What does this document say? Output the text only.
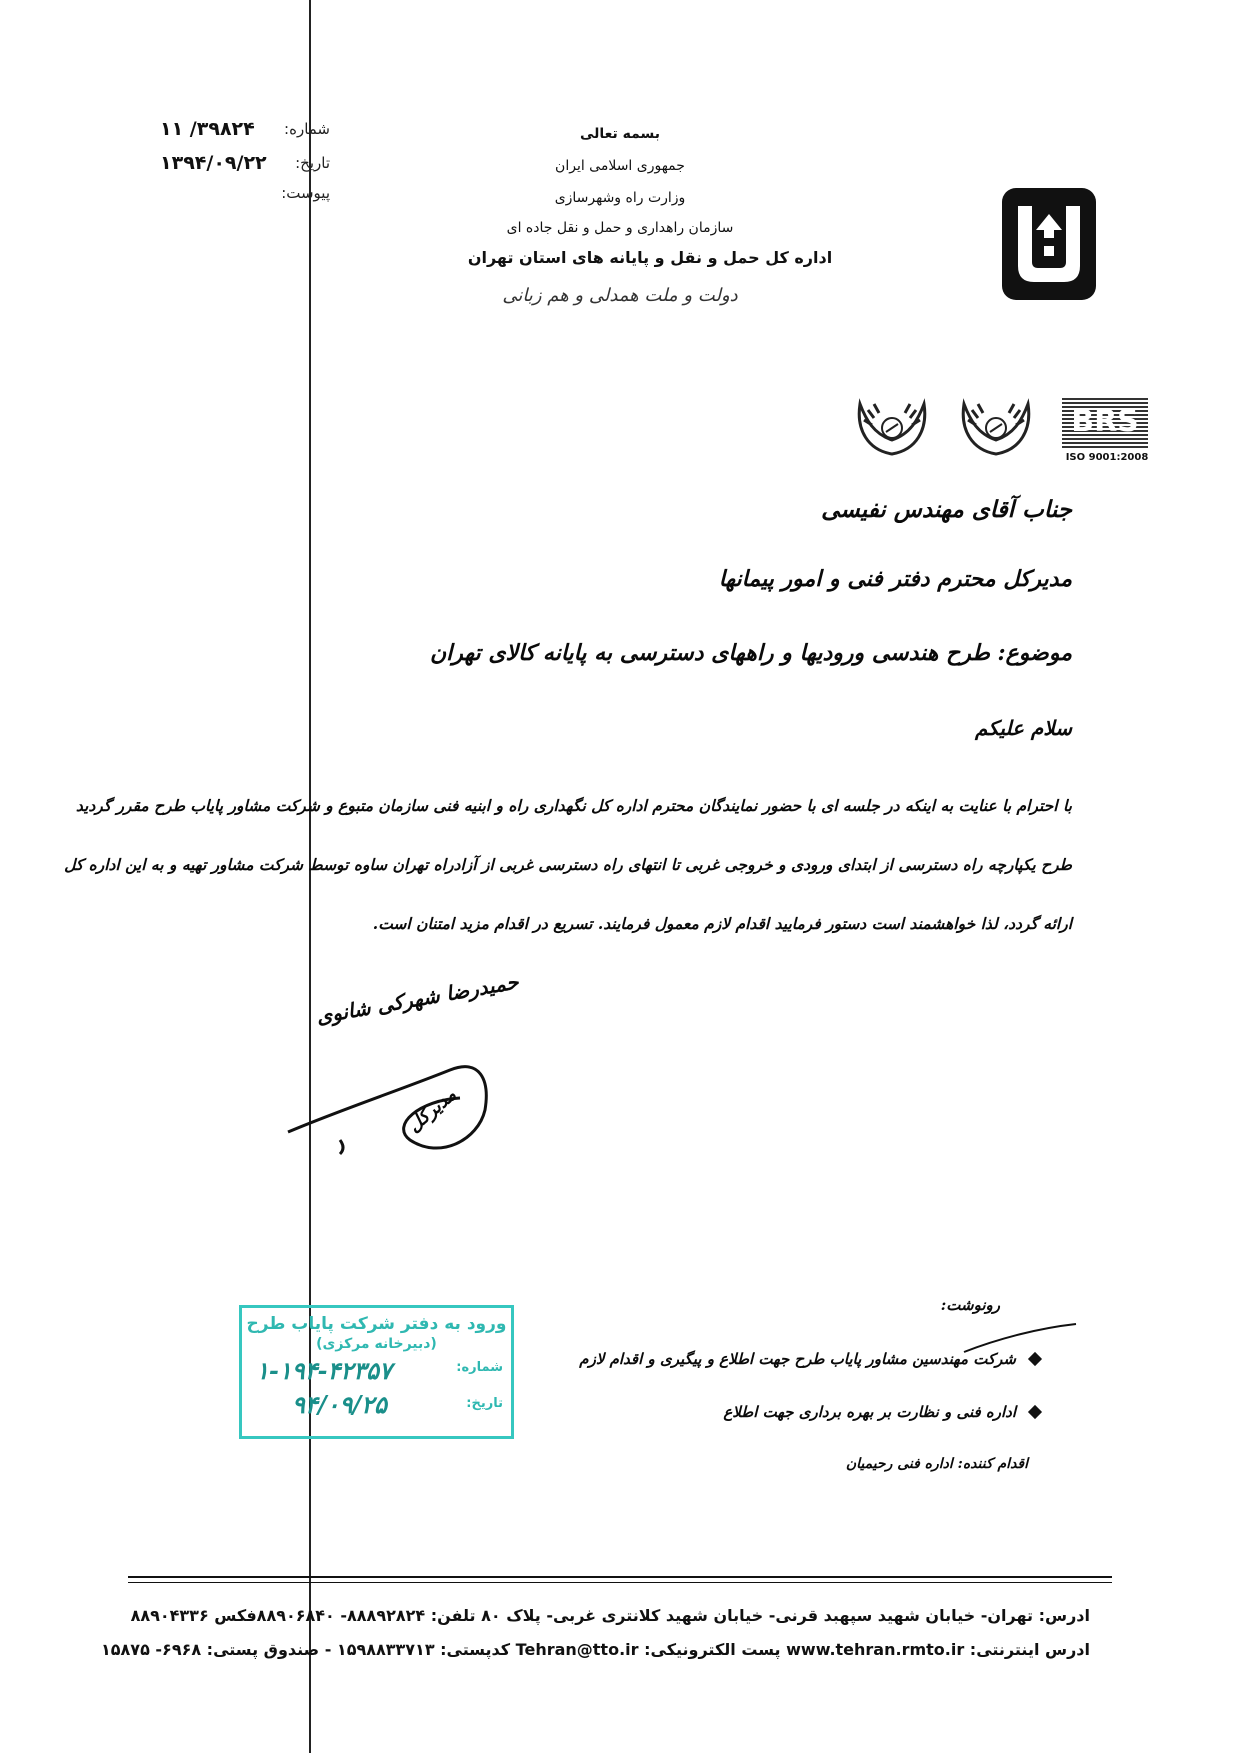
شماره:
۱۱ /۳۹۸۲۴
تاریخ:
۱۳۹۴/۰۹/۲۲
پیوست:
بسمه تعالی
جمهوری اسلامی ایران
وزارت راه وشهرسازی
سازمان راهداری و حمل و نقل جاده ای
اداره کل حمل و نقل و پایانه های استان تهران
دولت و ملت همدلی و هم زبانی
BRS
ISO 9001:2008
جناب آقای مهندس نفیسی
مدیرکل محترم دفتر فنی و امور پیمانها
موضوع: طرح هندسی ورودیها و راههای دسترسی به پایانه کالای تهران
سلام علیکم
با احترام با عنایت به اینکه در جلسه ای با حضور نمایندگان محترم اداره کل نگهداری راه و ابنیه فنی سازمان متبوع و شرکت مشاور پایاب طرح مقرر گردید
طرح یکپارچه راه دسترسی از ابتدای ورودی و خروجی غربی تا انتهای راه دسترسی غربی از آزادراه تهران ساوه توسط شرکت مشاور تهیه و به این اداره کل
ارائه گردد، لذا خواهشمند است دستور فرمایید اقدام لازم معمول فرمایند. تسریع در اقدام مزید امتنان است.
حمیدرضا شهرکی شانوی
مدیرکل
ورود به دفتر شرکت پایاب طرح
(دبیرخانه مرکزی)
شماره:
۱-۱۹۴-۴۲۳۵۷
تاریخ:
۹۴/۰۹/۲۵
رونوشت:
شرکت مهندسین مشاور پایاب طرح جهت اطلاع و پیگیری و اقدام لازم
اداره فنی و نظارت بر بهره برداری جهت اطلاع
اقدام کننده: اداره فنی رحیمیان
ادرس: تهران- خیابان شهید سپهبد قرنی- خیابان شهید کلانتری غربی- پلاک ۸۰ تلفن: ۸۸۸۹۲۸۲۴- ۸۸۹۰۶۸۴۰فکس ۸۸۹۰۴۳۳۶
ادرس اینترنتی: www.tehran.rmto.ir پست الکترونیکی: Tehran@tto.ir کدپستی: ۱۵۹۸۸۳۳۷۱۳ - صندوق پستی: ۶۹۶۸- ۱۵۸۷۵
